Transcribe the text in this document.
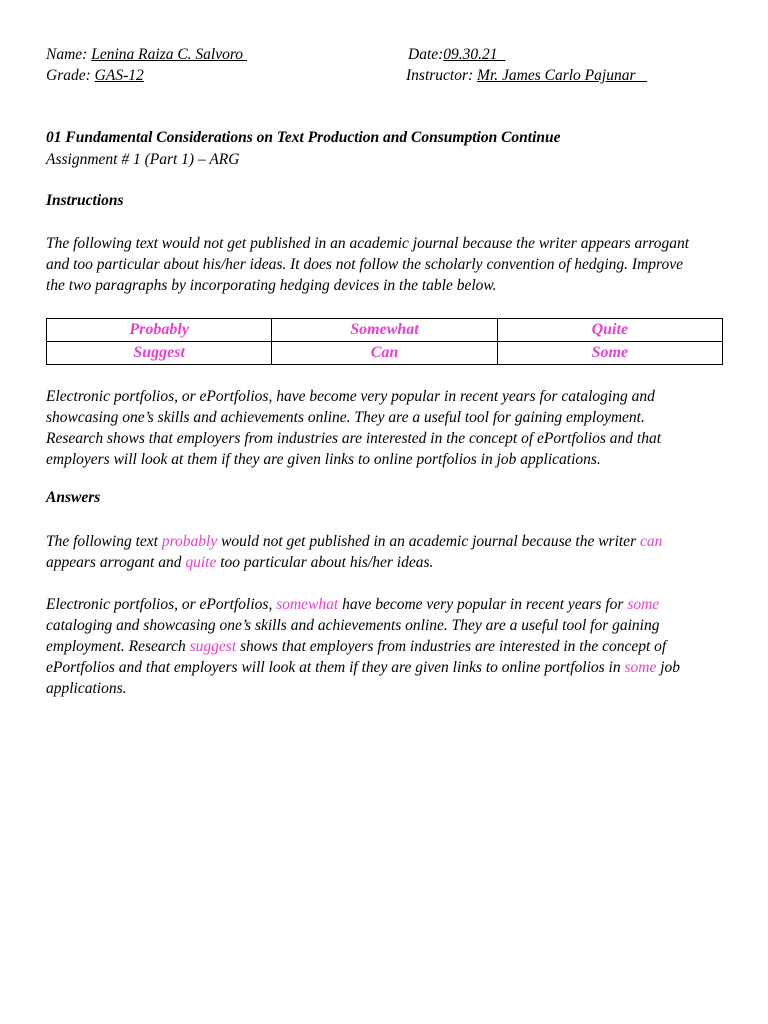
Name: Lenina Raiza C. Salvoro	Date:09.30.21
Grade: GAS-12	Instructor: Mr. James Carlo Pajunar
01 Fundamental Considerations on Text Production and Consumption Continue
Assignment # 1 (Part 1) – ARG
Instructions
The following text would not get published in an academic journal because the writer appears arrogant
and too particular about his/her ideas. It does not follow the scholarly convention of hedging. Improve
the two paragraphs by incorporating hedging devices in the table below.
Probably	Somewhat	Quite
Suggest	Can	Some
Electronic portfolios, or ePortfolios, have become very popular in recent years for cataloging and
showcasing one’s skills and achievements online. They are a useful tool for gaining employment.
Research shows that employers from industries are interested in the concept of ePortfolios and that
employers will look at them if they are given links to online portfolios in job applications.
Answers
The following text probably would not get published in an academic journal because the writer can
appears arrogant and quite too particular about his/her ideas.
Electronic portfolios, or ePortfolios, somewhat have become very popular in recent years for some
cataloging and showcasing one’s skills and achievements online. They are a useful tool for gaining
employment. Research suggest shows that employers from industries are interested in the concept of
ePortfolios and that employers will look at them if they are given links to online portfolios in some job
applications.
